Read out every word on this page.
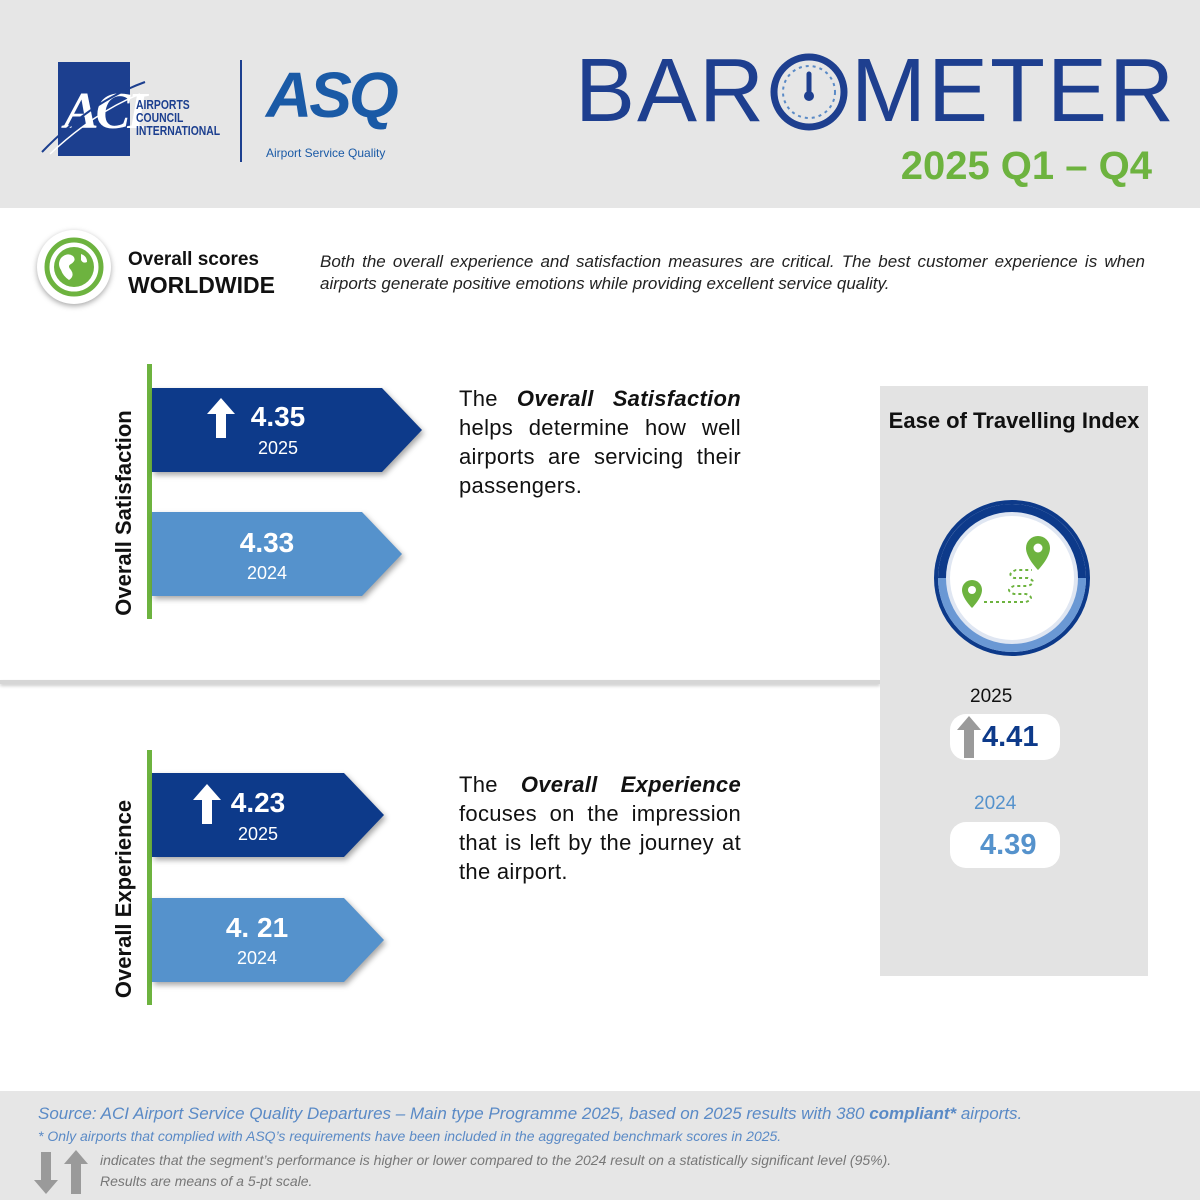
ACI
AIRPORTS
COUNCIL
INTERNATIONAL ASQ
Airport Service Quality
BAR METER
2025 Q1 – Q4
Overall scores
WORLDWIDE
Both the overall experience and satisfaction measures are critical. The best customer experience is when airports generate positive emotions while providing excellent service quality.
Overall Satisfaction	4.35
2025
4.33
2024
The Overall Satisfaction helps determine how well airports are servicing their passengers.
Overall Experience	4.23
2025
4. 21
2024
The Overall Experience focuses on the impression that is left by the journey at the airport.
Ease of Travelling Index
2025
4.41
2024
4.39
Source: ACI Airport Service Quality Departures – Main type Programme 2025, based on 2025 results with 380 compliant* airports.
* Only airports that complied with ASQ’s requirements have been included in the aggregated benchmark scores in 2025.
indicates that the segment’s performance is higher or lower compared to the 2024 result on a statistically significant level (95%).
Results are means of a 5-pt scale.
